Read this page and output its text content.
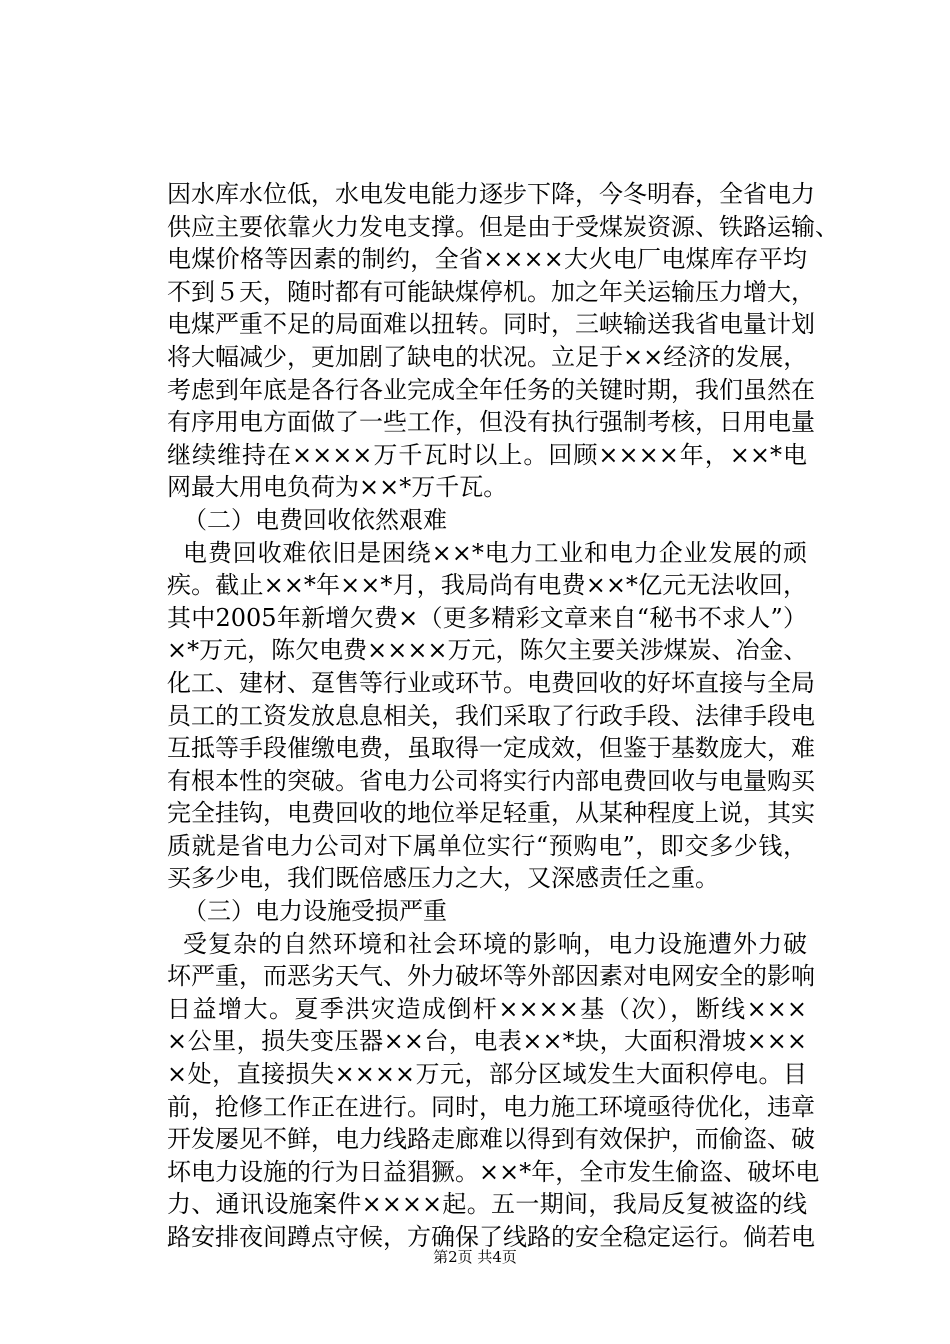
因水库水位低，水电发电能力逐步下降，今冬明春，全省电力
供应主要依靠火力发电支撑。但是由于受煤炭资源、铁路运输、
电煤价格等因素的制约，全省××××大火电厂电煤库存平均
不到５天，随时都有可能缺煤停机。加之年关运输压力增大，
电煤严重不足的局面难以扭转。同时，三峡输送我省电量计划
将大幅减少，更加剧了缺电的状况。立足于××经济的发展，
考虑到年底是各行各业完成全年任务的关键时期，我们虽然在
有序用电方面做了一些工作，但没有执行强制考核，日用电量
继续维持在××××万千瓦时以上。回顾××××年，××*电
网最大用电负荷为××*万千瓦。
（二）电费回收依然艰难
电费回收难依旧是困绕××*电力工业和电力企业发展的顽
疾。截止××*年××*月，我局尚有电费××*亿元无法收回，
其中2005年新增欠费×（更多精彩文章来自“秘书不求人”）
×*万元，陈欠电费××××万元，陈欠主要关涉煤炭、冶金、
化工、建材、趸售等行业或环节。电费回收的好坏直接与全局
员工的工资发放息息相关，我们采取了行政手段、法律手段电
互抵等手段催缴电费，虽取得一定成效，但鉴于基数庞大，难
有根本性的突破。省电力公司将实行内部电费回收与电量购买
完全挂钩，电费回收的地位举足轻重，从某种程度上说，其实
质就是省电力公司对下属单位实行“预购电”，即交多少钱，
买多少电，我们既倍感压力之大，又深感责任之重。
（三）电力设施受损严重
受复杂的自然环境和社会环境的影响，电力设施遭外力破
坏严重，而恶劣天气、外力破坏等外部因素对电网安全的影响
日益增大。夏季洪灾造成倒杆××××基（次），断线×××
×公里，损失变压器××台，电表××*块，大面积滑坡×××
×处，直接损失××××万元，部分区域发生大面积停电。目
前，抢修工作正在进行。同时，电力施工环境亟待优化，违章
开发屡见不鲜，电力线路走廊难以得到有效保护，而偷盗、破
坏电力设施的行为日益猖獗。××*年，全市发生偷盗、破坏电
力、通讯设施案件××××起。五一期间，我局反复被盗的线
路安排夜间蹲点守候，方确保了线路的安全稳定运行。倘若电
第2页 共4页
